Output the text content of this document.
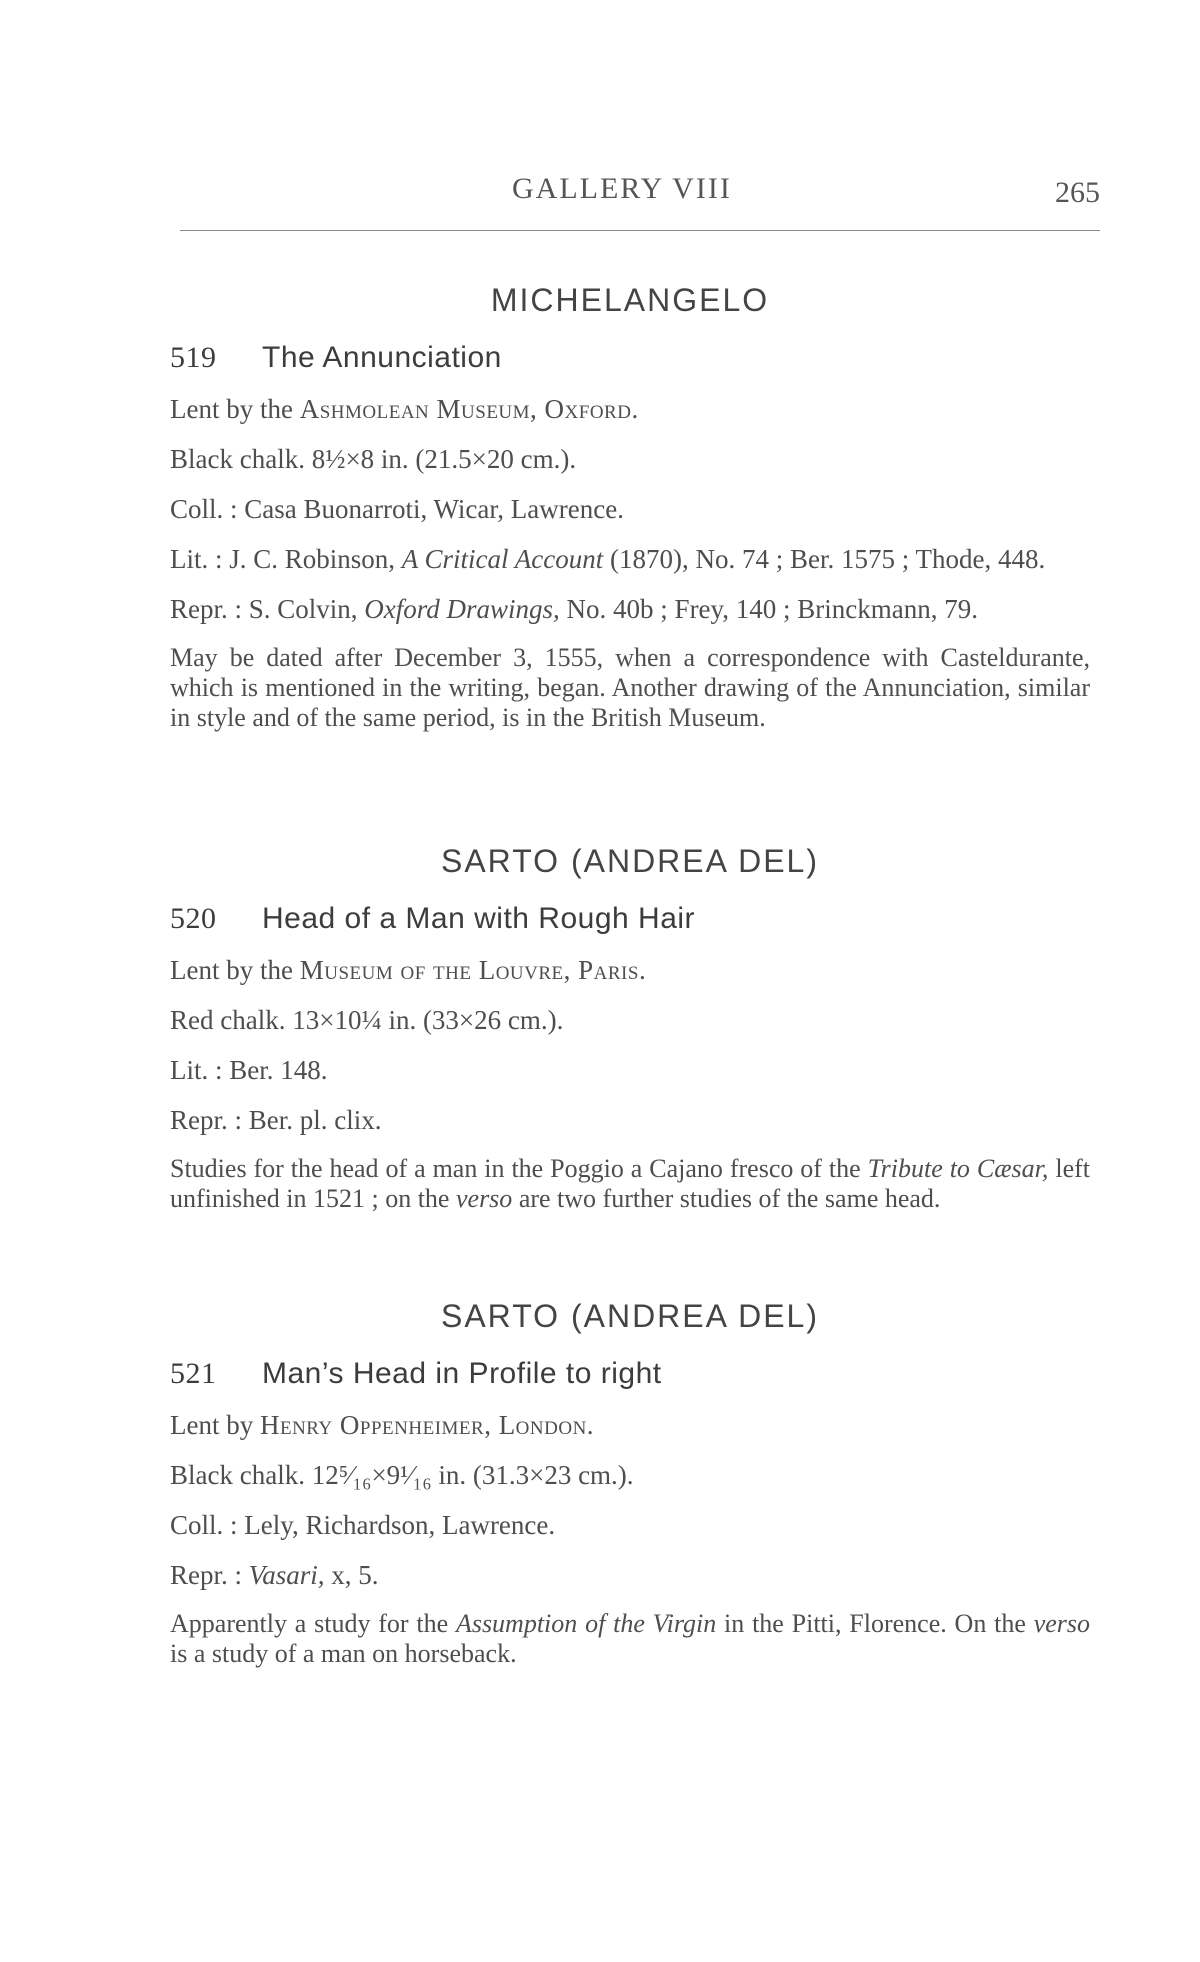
GALLERY VIII	265
MICHELANGELO
519 The Annunciation
Lent by the Ashmolean Museum, Oxford.
Black chalk. 8½×8 in. (21.5×20 cm.).
Coll. : Casa Buonarroti, Wicar, Lawrence.
Lit. : J. C. Robinson, A Critical Account (1870), No. 74 ; Ber. 1575 ; Thode, 448.
Repr. : S. Colvin, Oxford Drawings, No. 40b ; Frey, 140 ; Brinckmann, 79.

May be dated after December 3, 1555, when a correspondence with Casteldurante, which is mentioned in the writing, began. Another drawing of the Annunciation, similar in style and of the same period, is in the British Museum.

SARTO (ANDREA DEL)
520 Head of a Man with Rough Hair
Lent by the Museum of the Louvre, Paris.
Red chalk. 13×10¼ in. (33×26 cm.).
Lit. : Ber. 148.
Repr. : Ber. pl. clix.

Studies for the head of a man in the Poggio a Cajano fresco of the Tribute to Cæsar, left unfinished in 1521 ; on the verso are two further studies of the same head.

SARTO (ANDREA DEL)
521 Man’s Head in Profile to right
Lent by Henry Oppenheimer, London.
Black chalk. 12⁵⁄₁₆×9¹⁄₁₆ in. (31.3×23 cm.).
Coll. : Lely, Richardson, Lawrence.
Repr. : Vasari, x, 5.

Apparently a study for the Assumption of the Virgin in the Pitti, Florence. On the verso is a study of a man on horseback.
